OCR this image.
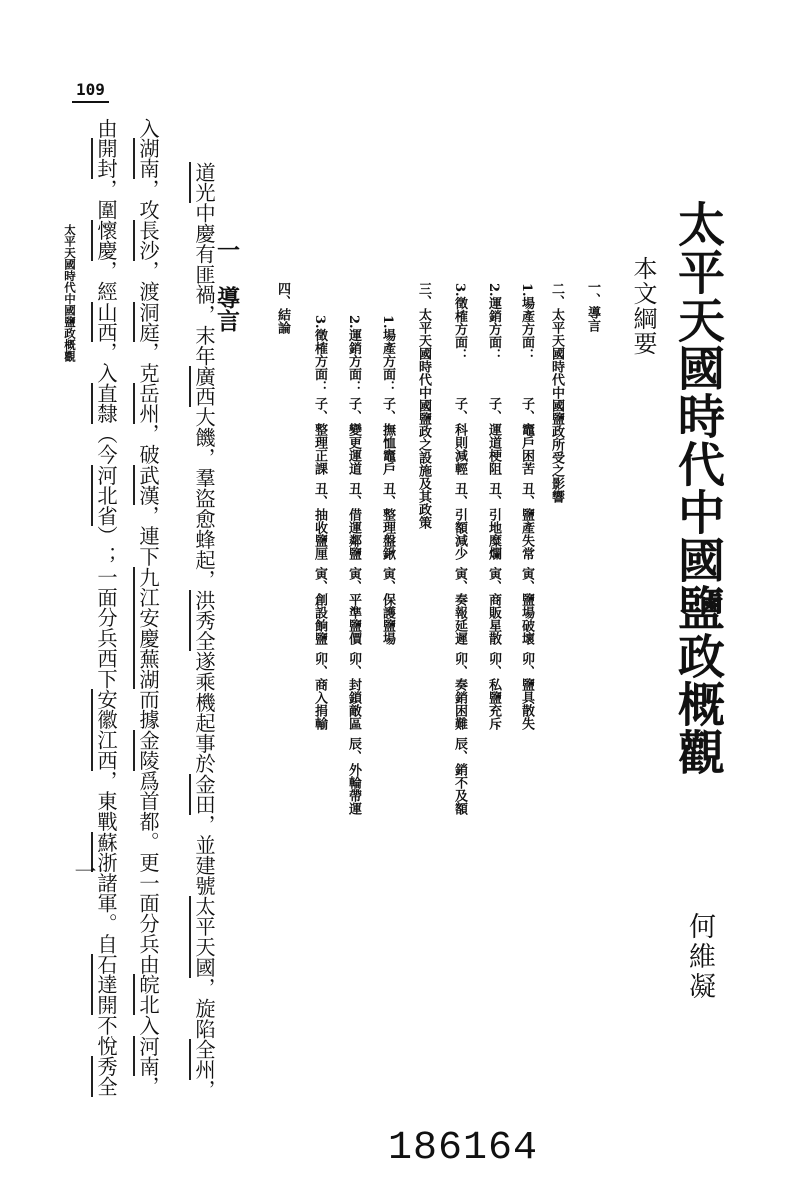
109
太平天國時代中國鹽政概觀
何維凝
本文綱要
一、導言
二、太平天國時代中國鹽政所受之影響
1.場產方面：子、竈戶困苦丑、鹽產失常寅、鹽場破壞卯、鹽具散失
2.運銷方面：子、運道梗阻丑、引地糜爛寅、商販星散卯、私鹽充斥
3.徵榷方面：子、科則減輕丑、引額減少寅、奏報延遲卯、奏銷困難辰、銷不及額
三、太平天國時代中國鹽政之設施及其政策
1.場產方面：子、撫恤竈戶丑、整理盤鍬寅、保護鹽場
2.運銷方面：子、變更運道丑、借運鄰鹽寅、平準鹽價卯、封鎖敵區辰、外輪帶運
3.徵榷方面：子、整理正課丑、抽收鹽厘寅、創設餉鹽卯、商入捐輸
四、結論
一導言
道光中慶有匪禍，末年廣西大饑，羣盜愈蜂起，洪秀全遂乘機起事於金田，並建號太平天國，旋陷全州，
入湖南，攻長沙，渡洞庭，克岳州，破武漢，連下九江安慶蕪湖而據金陵爲首都。更一面分兵由皖北入河南，
由開封，圍懷慶，經山西，入直隸（今河北省）；一面分兵西下安徽江西，東戰蘇浙諸軍。自石達開不悅秀全
太平天國時代中國鹽政概觀
一
186164
